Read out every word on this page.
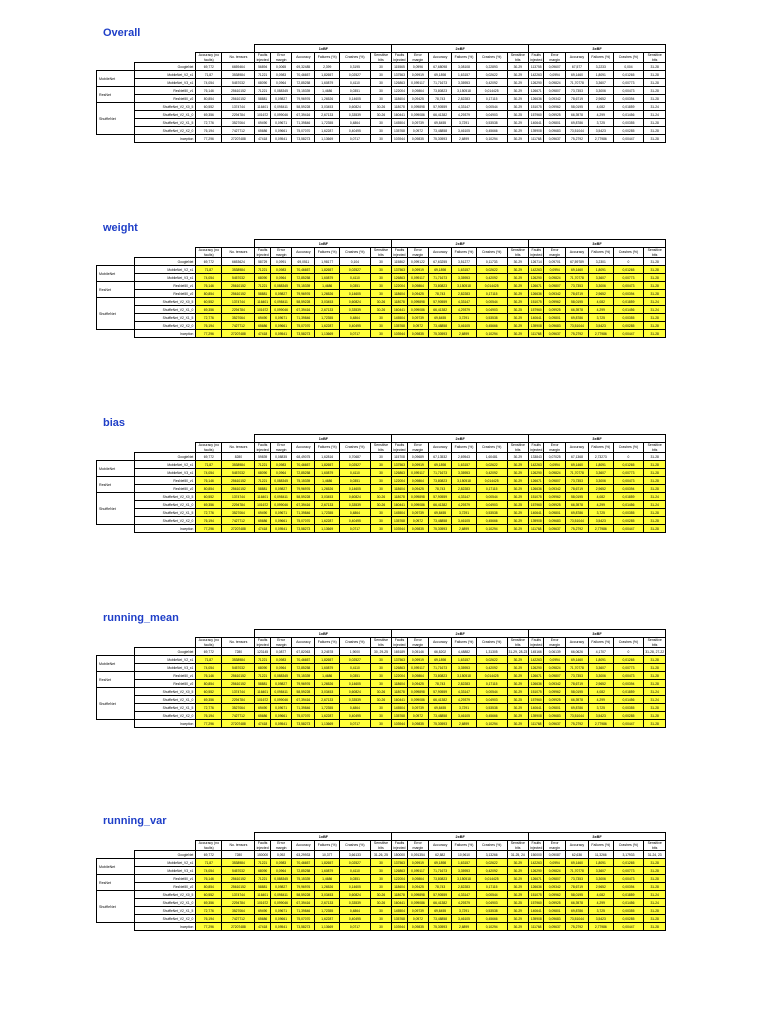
Overall
				1xBF						2xBF						3xBF					
		Accuracy (no faults)	No. tensors	Faults injected	Error margin	Accuracy	Failures (%)	Crashes (%)	Sensitive bits	Faults injected	Error margin	Accuracy	Failures (%)	Crashes (%)	Sensitive bits	Faults injected	Error margin	Accuracy	Failures (%)	Crashes (%)	Sensitive bits
	GoogleNet	69,772	6659464	56894	0,0065	69,32485	2,399	0,3195	30	115565	0,0996	67,68098	3,08108	0,22893	30-29	113755	0,09607	67,577	3,2233	0,004	31-28
MobileNet	MobileNet_V2_x1	71,87	3538984	71221	0,0983	70,46657	1,82657	0,02527	30	137563	0,09919	69,1898	1,63157	0,02622	30-29	142263	0,0994	69,1460	1,8091	0,01265	31-28
	MobileNet_V3_x1	74,054	5457032	68090	0,0964	72,85258	1,60879	0,4110	30	126863	0,099117	71,71673	3,35953	0,42092	30-29	126290	0,09824	71,70778	3,3607	0,00773	31-28
ResNet	ResNet50_v1	76,146	25610152	71221	0,088345	75,15339	1,4686	0,0351	30	122004	0,09864	73,80823	3,150518	0,014425	30-29	126671	0,09807	73,7353	3,3006	0,00473	31-28
	ResNet50_v2	80,854	25610152	58881	0,09827	79,96976	1,26526	0,14605	30	118604	0,09425	78,743	2,82283	0,17115	30-29	126636	0,09342	78,6719	2,9652	0,00394	31-28
ShuffleNet	ShuffleNet_V2_X0_5	60,552	1374744	116401	0,098411	58,59228	3,03453	0,60824	30-26	118078	0,099898	57,90559	4,33147	0,00544	30-29	151075	0,09962	58,0195	4,082	0,01859	31-24
	ShuffleNet_V2_X1_0	69,356	2294784	101672	0,099046	67,39416	2,67133	0,33539	30-26	160441	0,099086	66,41382	4,29379	0,04903	30-25	157960	0,09925	66,3978	4,299	0,01456	31-24
	ShuffleNet_V2_X1_5	72,776	3527064	69490	0,09671	71,39846	1,72355	0,4864	30	145504	0,09739	69,8455	3,7291	0,53538	30-29	140641	0,09801	69,8786	3,725	0,00355	31-28
	ShuffleNet_V2_X2_0	76,194	7427712	65686	0,09661	75,07070	1,62287	0,40495	30	135768	0,0972	73,48858	3,46105	0,45666	30-29	139908	0,09683	73,51044	3,5423	0,00285	31-28
	Inception	77,296	27207488	47418	0,09541	73,58273	1,13669	0,0717	30	103944	0,09835	75,30593	2,6899	0,10294	30-29	111768	0,09637	75,2792	2,77986	0,00447	31-28
weight
				1xBF						2xBF						3xBF					
		Accuracy (no faults)	No. tensors	Faults injected	Error margin	Accuracy	Failures (%)	Crashes (%)	Sensitive bits	Faults injected	Error margin	Accuracy	Failures (%)	Crashes (%)	Sensitive bits	Faults injected	Error margin	Accuracy	Failures (%)	Crashes (%)	Sensitive bits
	GoogleNet	69,772	6653624	58729	0,0991	69,0511	1,98177	0,104	30	115862	0,099122	67,63255	3,51277	0,11733	30-29	126714	0,09701	67,59789	3,2301	0	31-28
MobileNet	MobileNet_V2_x1	71,87	3538984	71221	0,0983	70,46657	1,82657	0,02527	30	137563	0,09919	69,1898	1,63157	0,02622	30-29	142263	0,0994	69,1460	1,8091	0,01265	31-28
	MobileNet_V3_x1	74,054	5457032	68090	0,0964	72,85258	1,60879	0,4110	30	126863	0,099117	71,71673	3,35953	0,42092	30-29	126290	0,09824	71,70778	3,3607	0,00773	31-28
ResNet	ResNet50_v1	76,146	25610152	71221	0,088345	75,15339	1,4686	0,0351	30	122004	0,09864	73,80823	3,150518	0,014425	30-29	126671	0,09807	73,7353	3,3006	0,00473	31-28
	ResNet50_v2	80,854	25610152	58881	0,09827	79,96976	1,26526	0,14605	30	118604	0,09425	78,743	2,82283	0,17115	30-29	126636	0,09342	78,6719	2,9652	0,00394	31-28
ShuffleNet	ShuffleNet_V2_X0_5	60,552	1374744	116401	0,098411	58,59228	3,03453	0,60824	30-26	118078	0,099898	57,90559	4,33147	0,00544	30-29	151075	0,09962	58,0195	4,082	0,01859	31-24
	ShuffleNet_V2_X1_0	69,356	2294784	101672	0,099046	67,39416	2,67133	0,33539	30-26	160441	0,099086	66,41382	4,29379	0,04903	30-25	157960	0,09925	66,3978	4,299	0,01456	31-24
	ShuffleNet_V2_X1_5	72,776	3527064	69490	0,09671	71,39846	1,72355	0,4864	30	145504	0,09739	69,8455	3,7291	0,53538	30-29	140641	0,09801	69,8786	3,725	0,00355	31-28
	ShuffleNet_V2_X2_0	76,194	7427712	65686	0,09661	75,07070	1,62287	0,40495	30	135768	0,0972	73,48858	3,46105	0,45666	30-29	139908	0,09683	73,51044	3,5423	0,00285	31-28
	Inception	77,296	27207488	47418	0,09541	73,58273	1,13669	0,0717	30	103944	0,09835	75,30593	2,6899	0,10294	30-29	111768	0,09637	75,2792	2,77986	0,00447	31-28
bias
				1xBF						2xBF						3xBF					
		Accuracy (no faults)	No. tensors	Faults injected	Error margin	Accuracy	Failures (%)	Crashes (%)	Sensitive bits	Faults injected	Error margin	Accuracy	Failures (%)	Crashes (%)	Sensitive bits	Faults injected	Error margin	Accuracy	Failures (%)	Crashes (%)	Sensitive bits
	GoogleNet	69,772	8280	59839	0,08835	68,49075	1,62816	0,70687	30	115708	0,09689	67,13532	2,69543	1,60481	30-29	133843	0,07025	67,1368	2,73273	0	31-28
MobileNet	MobileNet_V2_x1	71,87	3538984	71221	0,0983	70,46657	1,82657	0,02527	30	137563	0,09919	69,1898	1,63157	0,02622	30-29	142263	0,0994	69,1460	1,8091	0,01265	31-28
	MobileNet_V3_x1	74,054	5457032	68090	0,0964	72,85258	1,60879	0,4110	30	126863	0,099117	71,71673	3,35953	0,42092	30-29	126290	0,09824	71,70778	3,3607	0,00773	31-28
ResNet	ResNet50_v1	76,146	25610152	71221	0,088345	75,15339	1,4686	0,0351	30	122004	0,09864	73,80823	3,150518	0,014425	30-29	126671	0,09807	73,7353	3,3006	0,00473	31-28
	ResNet50_v2	80,854	25610152	58881	0,09827	79,96976	1,26526	0,14605	30	118604	0,09425	78,743	2,82283	0,17115	30-29	126636	0,09342	78,6719	2,9652	0,00394	31-28
ShuffleNet	ShuffleNet_V2_X0_5	60,552	1374744	116401	0,098411	58,59228	3,03453	0,60824	30-26	118078	0,099898	57,90559	4,33147	0,00544	30-29	151075	0,09962	58,0195	4,082	0,01859	31-24
	ShuffleNet_V2_X1_0	69,356	2294784	101672	0,099046	67,39416	2,67133	0,33539	30-26	160441	0,099086	66,41382	4,29379	0,04903	30-25	157960	0,09925	66,3978	4,299	0,01456	31-24
	ShuffleNet_V2_X1_5	72,776	3527064	69490	0,09671	71,39846	1,72355	0,4864	30	145504	0,09739	69,8455	3,7291	0,53538	30-29	140641	0,09801	69,8786	3,725	0,00355	31-28
	ShuffleNet_V2_X2_0	76,194	7427712	65686	0,09661	75,07070	1,62287	0,40495	30	135768	0,0972	73,48858	3,46105	0,45666	30-29	139908	0,09683	73,51044	3,5423	0,00285	31-28
	Inception	77,296	27207488	47418	0,09541	73,58273	1,13669	0,0717	30	103944	0,09835	75,30593	2,6899	0,10294	30-29	111768	0,09637	75,2792	2,77986	0,00447	31-28
running_mean
				1xBF						2xBF						3xBF					
		Accuracy (no faults)	No. tensors	Faults injected	Error margin	Accuracy	Failures (%)	Crashes (%)	Sensitive bits	Faults injected	Error margin	Accuracy	Failures (%)	Crashes (%)	Sensitive bits	Faults injected	Error margin	Accuracy	Failures (%)	Crashes (%)	Sensitive bits
	GoogleNet	69,772	7280	123145	0,0877	67,82063	3,24578	1,9000	30, 29-25	165189	0,05146	66,8202	4,48882	1,31305	31-29, 28-23	145166	0,06139	66,0626	4,1707	0	31-28, 27-22
MobileNet	MobileNet_V2_x1	71,87	3538984	71221	0,0983	70,46657	1,82657	0,02527	30	137563	0,09919	69,1898	1,63157	0,02622	30-29	142263	0,0994	69,1460	1,8091	0,01265	31-28
	MobileNet_V3_x1	74,054	5457032	68090	0,0964	72,85258	1,60879	0,4110	30	126863	0,099117	71,71673	3,35953	0,42092	30-29	126290	0,09824	71,70778	3,3607	0,00773	31-28
ResNet	ResNet50_v1	76,146	25610152	71221	0,088345	75,15339	1,4686	0,0351	30	122004	0,09864	73,80823	3,150518	0,014425	30-29	126671	0,09807	73,7353	3,3006	0,00473	31-28
	ResNet50_v2	80,854	25610152	58881	0,09827	79,96976	1,26526	0,14605	30	118604	0,09425	78,743	2,82283	0,17115	30-29	126636	0,09342	78,6719	2,9652	0,00394	31-28
ShuffleNet	ShuffleNet_V2_X0_5	60,552	1374744	116401	0,098411	58,59228	3,03453	0,60824	30-26	118078	0,099898	57,90559	4,33147	0,00544	30-29	151075	0,09962	58,0195	4,082	0,01859	31-24
	ShuffleNet_V2_X1_0	69,356	2294784	101672	0,099046	67,39416	2,67133	0,33539	30-26	160441	0,099086	66,41382	4,29379	0,04903	30-25	157960	0,09925	66,3978	4,299	0,01456	31-24
	ShuffleNet_V2_X1_5	72,776	3527064	69490	0,09671	71,39846	1,72355	0,4864	30	145504	0,09739	69,8455	3,7291	0,53538	30-29	140641	0,09801	69,8786	3,725	0,00355	31-28
	ShuffleNet_V2_X2_0	76,194	7427712	65686	0,09661	75,07070	1,62287	0,40495	30	135768	0,0972	73,48858	3,46105	0,45666	30-29	139908	0,09683	73,51044	3,5423	0,00285	31-28
	Inception	77,296	27207488	47418	0,09541	73,58273	1,13669	0,0717	30	103944	0,09835	75,30593	2,6899	0,10294	30-29	111768	0,09637	75,2792	2,77986	0,00447	31-28
running_var
				1xBF						2xBF						3xBF					
		Accuracy (no faults)	No. tensors	Faults injected	Error margin	Accuracy	Failures (%)	Crashes (%)	Sensitive bits	Faults injected	Error margin	Accuracy	Failures (%)	Crashes (%)	Sensitive bits	Faults injected	Error margin	Accuracy	Failures (%)	Crashes (%)	Sensitive bits
	GoogleNet	69,772	7280	150000	0,092	63,29933	10,377	3,66133	31-26, 25	150000	0,091354	62,882	10,9610	3,13266	31-25, 24	150000	0,09087	62,636	11,3266	3,17933	31-24, 23
MobileNet	MobileNet_V2_x1	71,87	3538984	71221	0,0983	70,46657	1,82657	0,02527	30	137563	0,09919	69,1898	1,63157	0,02622	30-29	142263	0,0994	69,1460	1,8091	0,01265	31-28
	MobileNet_V3_x1	74,054	5457032	68090	0,0964	72,85258	1,60879	0,4110	30	126863	0,099117	71,71673	3,35953	0,42092	30-29	126290	0,09824	71,70778	3,3607	0,00773	31-28
ResNet	ResNet50_v1	76,146	25610152	71221	0,088345	75,15339	1,4686	0,0351	30	122004	0,09864	73,80823	3,150518	0,014425	30-29	126671	0,09807	73,7353	3,3006	0,00473	31-28
	ResNet50_v2	80,854	25610152	58881	0,09827	79,96976	1,26526	0,14605	30	118604	0,09425	78,743	2,82283	0,17115	30-29	126636	0,09342	78,6719	2,9652	0,00394	31-28
ShuffleNet	ShuffleNet_V2_X0_5	60,552	1374744	116401	0,098411	58,59228	3,03453	0,60824	30-26	118078	0,099898	57,90559	4,33147	0,00544	30-29	151075	0,09962	58,0195	4,082	0,01859	31-24
	ShuffleNet_V2_X1_0	69,356	2294784	101672	0,099046	67,39416	2,67133	0,33539	30-26	160441	0,099086	66,41382	4,29379	0,04903	30-25	157960	0,09925	66,3978	4,299	0,01456	31-24
	ShuffleNet_V2_X1_5	72,776	3527064	69490	0,09671	71,39846	1,72355	0,4864	30	145504	0,09739	69,8455	3,7291	0,53538	30-29	140641	0,09801	69,8786	3,725	0,00355	31-28
	ShuffleNet_V2_X2_0	76,194	7427712	65686	0,09661	75,07070	1,62287	0,40495	30	135768	0,0972	73,48858	3,46105	0,45666	30-29	139908	0,09683	73,51044	3,5423	0,00285	31-28
	Inception	77,296	27207488	47418	0,09541	73,58273	1,13669	0,0717	30	103944	0,09835	75,30593	2,6899	0,10294	30-29	111768	0,09637	75,2792	2,77986	0,00447	31-28
